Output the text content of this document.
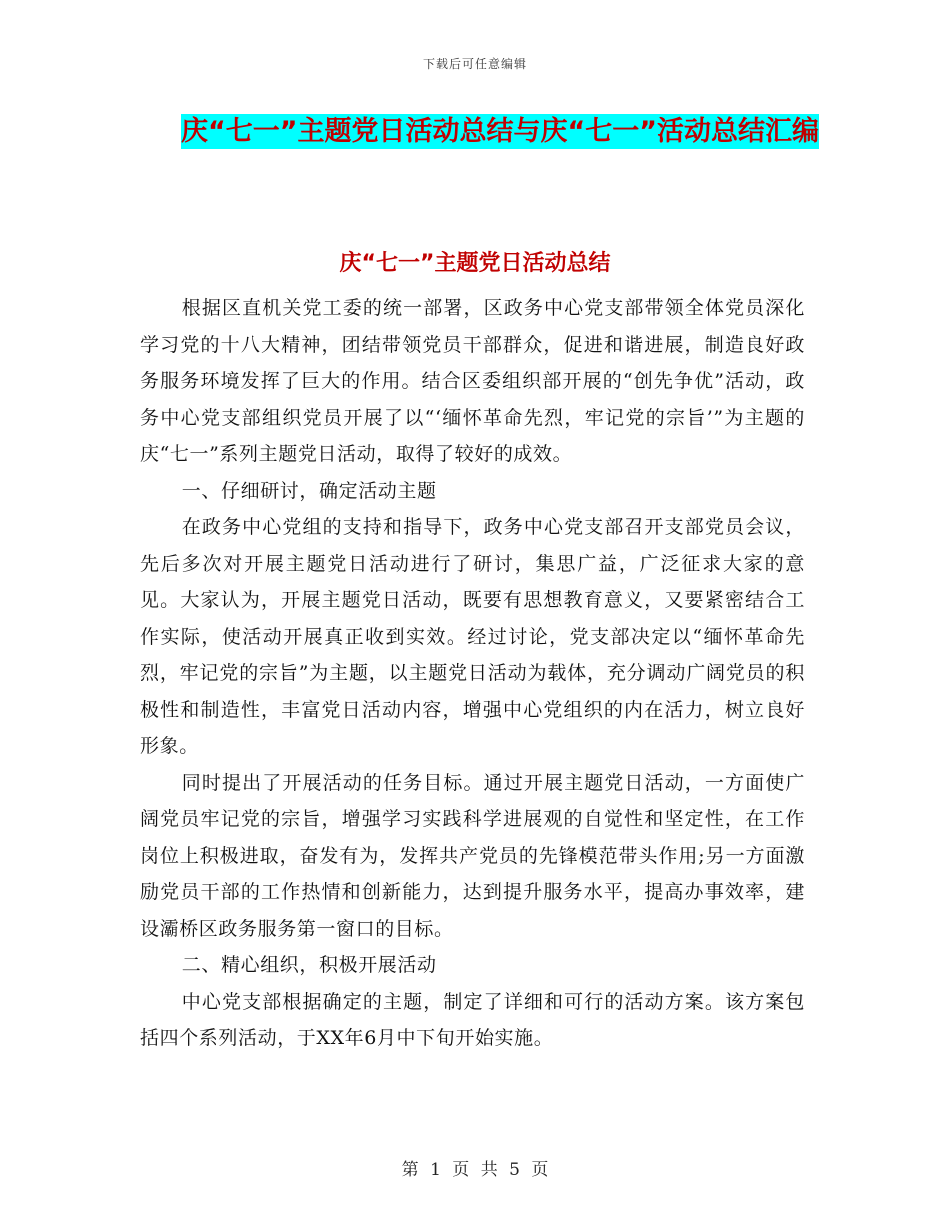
下载后可任意编辑
庆“七一”主题党日活动总结与庆“七一”活动总结汇编
庆“七一”主题党日活动总结

根据区直机关党工委的统一部署，区政务中心党支部带领全体党员深化学习党的十八大精神，团结带领党员干部群众，促进和谐进展，制造良好政务服务环境发挥了巨大的作用。结合区委组织部开展的“创先争优”活动，政务中心党支部组织党员开展了以“‘缅怀革命先烈，牢记党的宗旨’”为主题的庆“七一”系列主题党日活动，取得了较好的成效。

一、仔细研讨，确定活动主题

在政务中心党组的支持和指导下，政务中心党支部召开支部党员会议，先后多次对开展主题党日活动进行了研讨，集思广益，广泛征求大家的意见。大家认为，开展主题党日活动，既要有思想教育意义，又要紧密结合工作实际，使活动开展真正收到实效。经过讨论，党支部决定以“缅怀革命先烈，牢记党的宗旨”为主题，以主题党日活动为载体，充分调动广阔党员的积极性和制造性，丰富党日活动内容，增强中心党组织的内在活力，树立良好形象。

同时提出了开展活动的任务目标。通过开展主题党日活动，一方面使广阔党员牢记党的宗旨，增强学习实践科学进展观的自觉性和坚定性，在工作岗位上积极进取，奋发有为，发挥共产党员的先锋模范带头作用;另一方面激励党员干部的工作热情和创新能力，达到提升服务水平，提高办事效率，建设灞桥区政务服务第一窗口的目标。

二、精心组织，积极开展活动

中心党支部根据确定的主题，制定了详细和可行的活动方案。该方案包括四个系列活动，于XX年6月中下旬开始实施。

第 1 页 共 5 页
